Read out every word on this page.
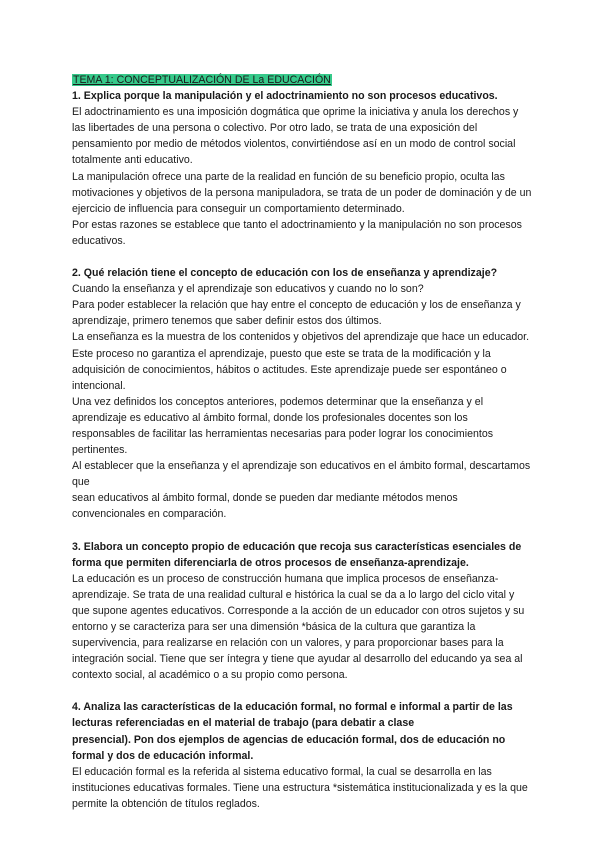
TEMA 1: CONCEPTUALIZACIÓN DE La EDUCACIÓN

1. Explica porque la manipulación y el adoctrinamiento no son procesos educativos.

El adoctrinamiento es una imposición dogmática que oprime la iniciativa y anula los derechos y las libertades de una persona o colectivo. Por otro lado, se trata de una exposición del pensamiento por medio de métodos violentos, convirtiéndose así en un modo de control social totalmente anti educativo.

La manipulación ofrece una parte de la realidad en función de su beneficio propio, oculta las motivaciones y objetivos de la persona manipuladora, se trata de un poder de dominación y de un ejercicio de influencia para conseguir un comportamiento determinado.

Por estas razones se establece que tanto el adoctrinamiento y la manipulación no son procesos educativos.

2. Qué relación tiene el concepto de educación con los de enseñanza y aprendizaje?

Cuando la enseñanza y el aprendizaje son educativos y cuando no lo son?

Para poder establecer la relación que hay entre el concepto de educación y los de enseñanza y aprendizaje, primero tenemos que saber definir estos dos últimos.

La enseñanza es la muestra de los contenidos y objetivos del aprendizaje que hace un educador.

Este proceso no garantiza el aprendizaje, puesto que este se trata de la modificación y la adquisición de conocimientos, hábitos o actitudes. Este aprendizaje puede ser espontáneo o intencional.

Una vez definidos los conceptos anteriores, podemos determinar que la enseñanza y el aprendizaje es educativo al ámbito formal, donde los profesionales docentes son los responsables de facilitar las herramientas necesarias para poder lograr los conocimientos pertinentes.

Al establecer que la enseñanza y el aprendizaje son educativos en el ámbito formal, descartamos que

sean educativos al ámbito formal, donde se pueden dar mediante métodos menos convencionales en comparación.

3. Elabora un concepto propio de educación que recoja sus características esenciales de forma que permiten diferenciarla de otros procesos de enseñanza-aprendizaje.

La educación es un proceso de construcción humana que implica procesos de enseñanza-aprendizaje. Se trata de una realidad cultural e histórica la cual se da a lo largo del ciclo vital y que supone agentes educativos. Corresponde a la acción de un educador con otros sujetos y su entorno y se caracteriza para ser una dimensión *básica de la cultura que garantiza la supervivencia, para realizarse en relación con un valores, y para proporcionar bases para la integración social. Tiene que ser íntegra y tiene que ayudar al desarrollo del educando ya sea al contexto social, al académico o a su propio como persona.

4. Analiza las características de la educación formal, no formal e informal a partir de las lecturas referenciadas en el material de trabajo (para debatir a clase

presencial). Pon dos ejemplos de agencias de educación formal, dos de educación no formal y dos de educación informal.

El educación formal es la referida al sistema educativo formal, la cual se desarrolla en las instituciones educativas formales. Tiene una estructura *sistemática institucionalizada y es la que permite la obtención de títulos reglados.
